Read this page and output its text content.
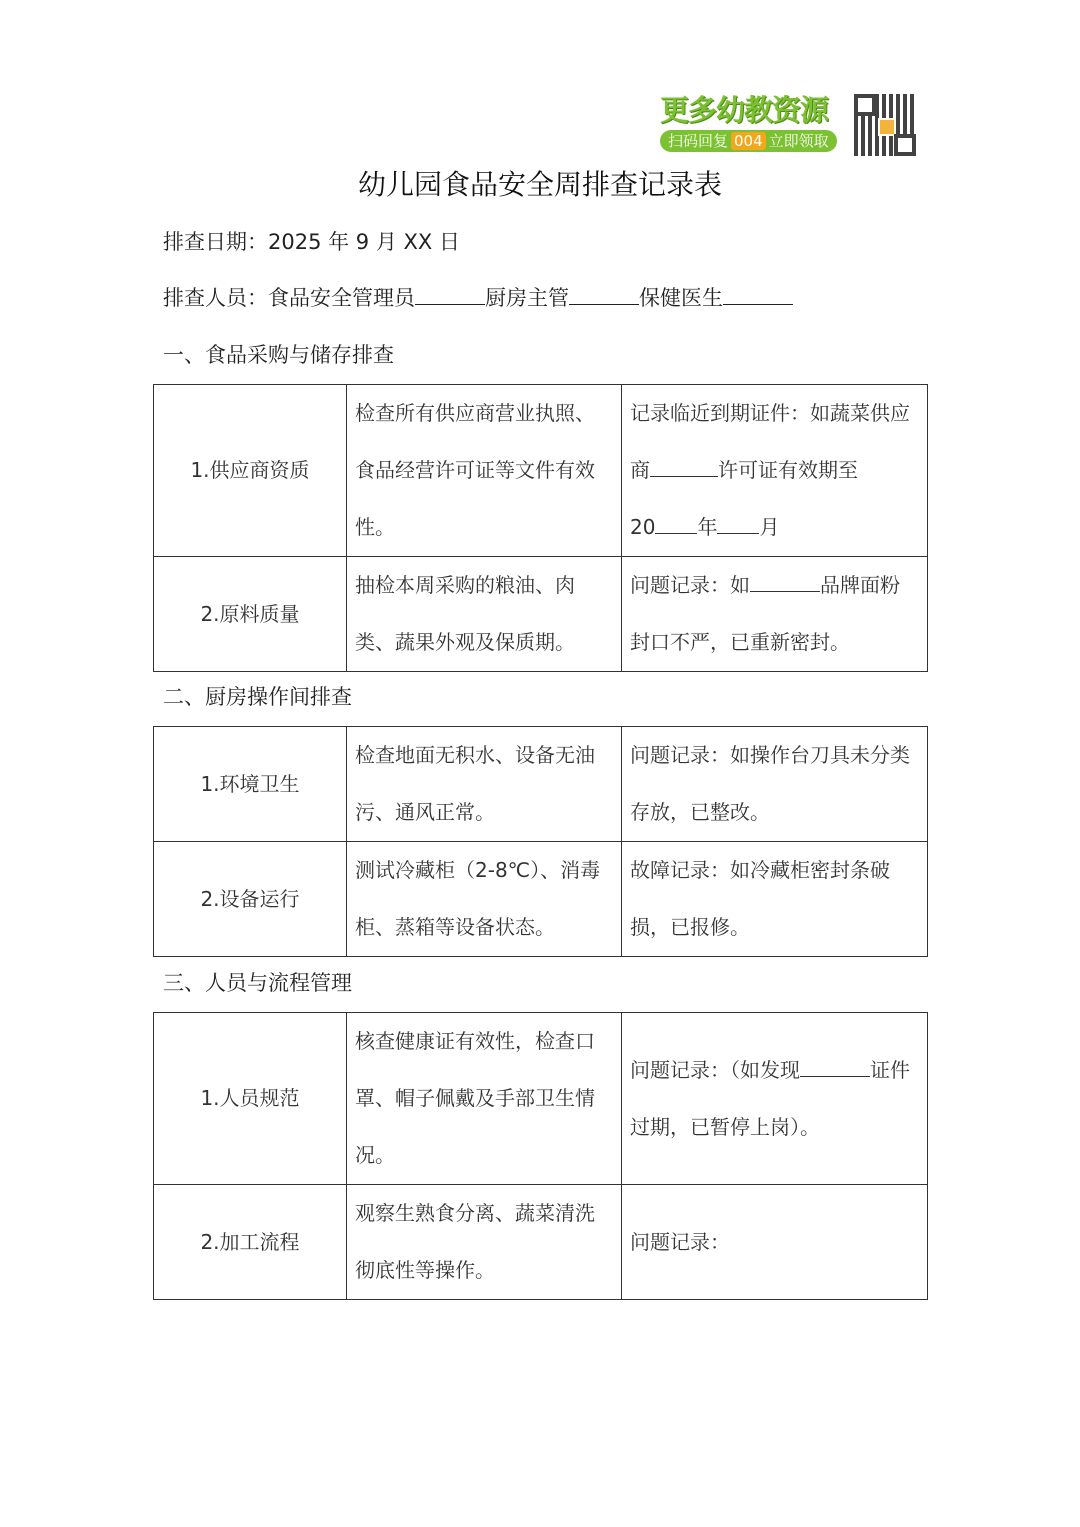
更多幼教资源
扫码回复 004 立即领取
幼儿园食品安全周排查记录表
排查日期：2025 年 9 月 XX 日
排查人员：食品安全管理员	厨房主管	保健医生
一、食品采购与储存排查
1.供应商资质	检查所有供应商营业执照、食品经营许可证等文件有效性。	记录临近到期证件：如蔬菜供应商 许可证有效期至
20 年 月
2.原料质量	抽检本周采购的粮油、肉类、蔬果外观及保质期。	问题记录：如 品牌面粉封口不严，已重新密封。
二、厨房操作间排查
1.环境卫生	检查地面无积水、设备无油污、通风正常。	问题记录：如操作台刀具未分类存放，已整改。
2.设备运行	测试冷藏柜（2-8℃）、消毒柜、蒸箱等设备状态。	故障记录：如冷藏柜密封条破损，已报修。
三、人员与流程管理
1.人员规范	核查健康证有效性，检查口罩、帽子佩戴及手部卫生情况。	问题记录：（如发现 证件过期，已暂停上岗）。
2.加工流程	观察生熟食分离、蔬菜清洗彻底性等操作。	问题记录：
